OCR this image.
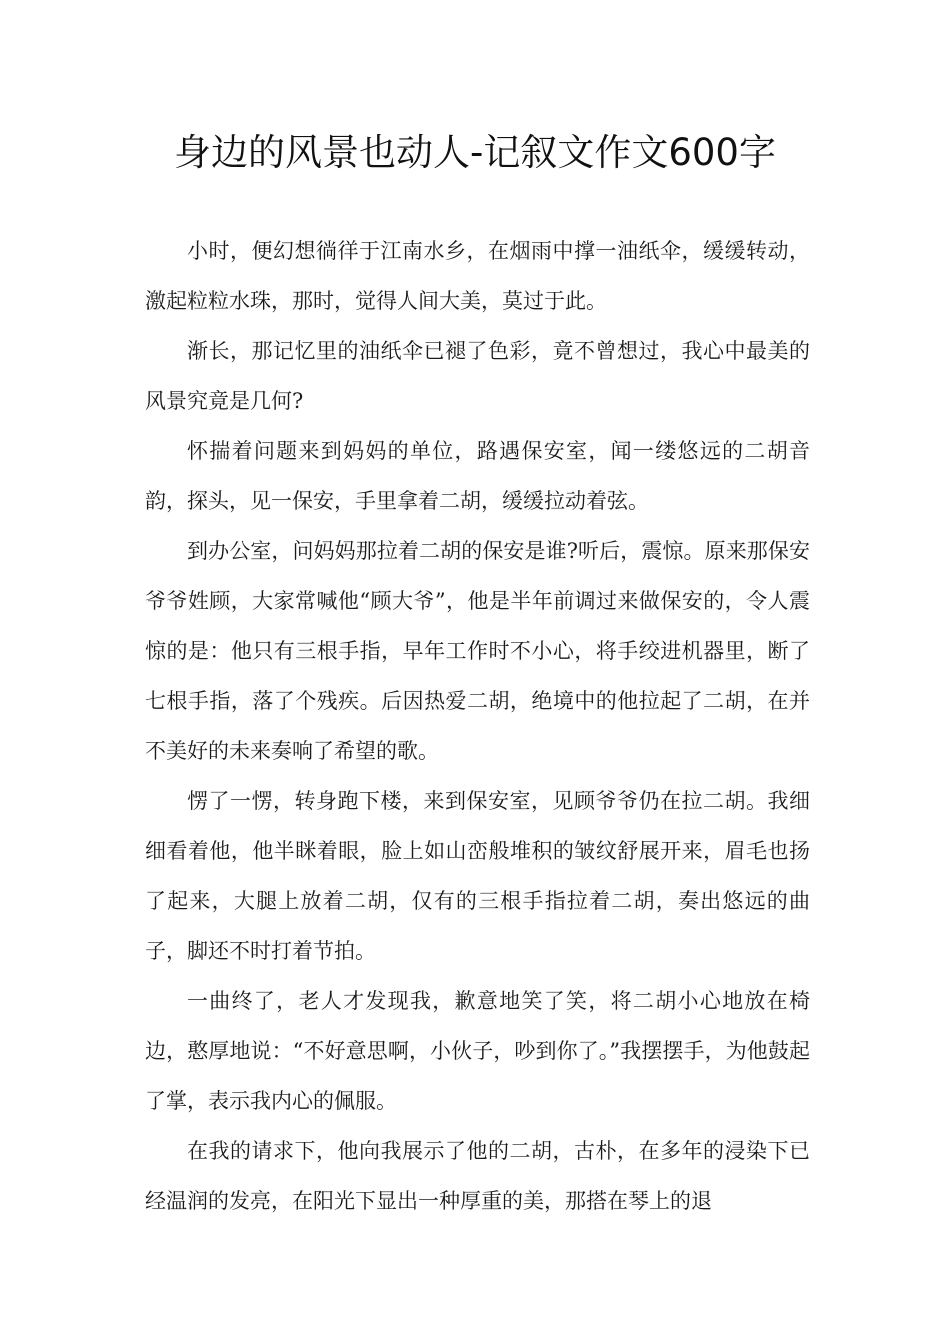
身边的风景也动人-记叙文作文600字

小时，便幻想徜徉于江南水乡，在烟雨中撑一油纸伞，缓缓转动，激起粒粒水珠，那时，觉得人间大美，莫过于此。

渐长，那记忆里的油纸伞已褪了色彩，竟不曾想过，我心中最美的风景究竟是几何?

怀揣着问题来到妈妈的单位，路遇保安室，闻一缕悠远的二胡音韵，探头，见一保安，手里拿着二胡，缓缓拉动着弦。

到办公室，问妈妈那拉着二胡的保安是谁?听后，震惊。原来那保安爷爷姓顾，大家常喊他“顾大爷”，他是半年前调过来做保安的，令人震惊的是：他只有三根手指，早年工作时不小心，将手绞进机器里，断了七根手指，落了个残疾。后因热爱二胡，绝境中的他拉起了二胡，在并不美好的未来奏响了希望的歌。

愣了一愣，转身跑下楼，来到保安室，见顾爷爷仍在拉二胡。我细细看着他，他半眯着眼，脸上如山峦般堆积的皱纹舒展开来，眉毛也扬了起来，大腿上放着二胡，仅有的三根手指拉着二胡，奏出悠远的曲子，脚还不时打着节拍。

一曲终了，老人才发现我，歉意地笑了笑，将二胡小心地放在椅边，憨厚地说：“不好意思啊，小伙子，吵到你了。”我摆摆手，为他鼓起了掌，表示我内心的佩服。

在我的请求下，他向我展示了他的二胡，古朴，在多年的浸染下已经温润的发亮，在阳光下显出一种厚重的美，那搭在琴上的退
